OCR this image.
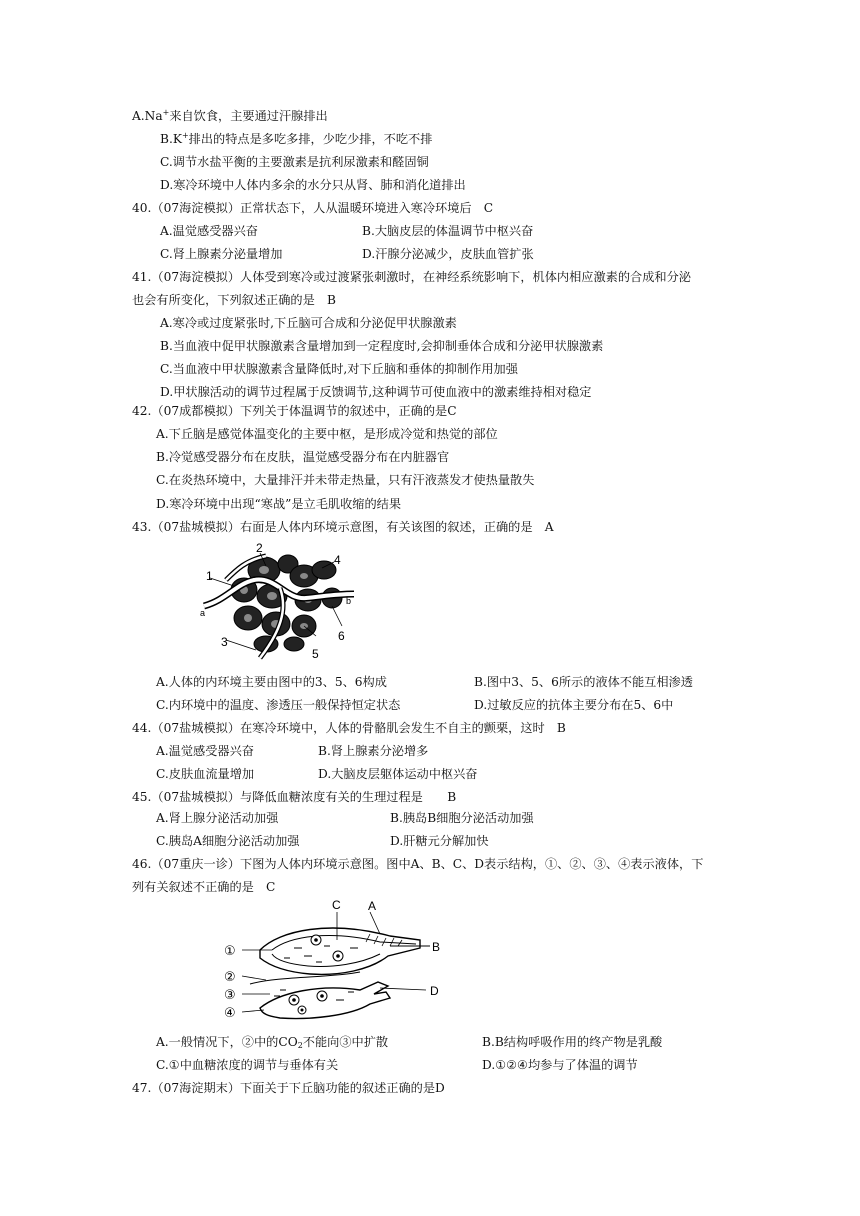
A.Na+来自饮食，主要通过汗腺排出
B.K+排出的特点是多吃多排，少吃少排，不吃不排
C.调节水盐平衡的主要激素是抗利尿激素和醛固铜
D.寒冷环境中人体内多余的水分只从肾、肺和消化道排出
40.（07海淀模拟）正常状态下，人从温暖环境进入寒冷环境后　C
A.温觉感受器兴奋	B.大脑皮层的体温调节中枢兴奋
C.肾上腺素分泌量增加	D.汗腺分泌减少，皮肤血管扩张
41.（07海淀模拟）人体受到寒冷或过渡紧张刺激时，在神经系统影响下，机体内相应激素的合成和分泌
也会有所变化，下列叙述正确的是　B
A.寒冷或过度紧张时,下丘脑可合成和分泌促甲状腺激素
B.当血液中促甲状腺激素含量增加到一定程度时,会抑制垂体合成和分泌甲状腺激素
C.当血液中甲状腺激素含量降低时,对下丘脑和垂体的抑制作用加强
D.甲状腺活动的调节过程属于反馈调节,这种调节可使血液中的激素维持相对稳定
42.（07成都模拟）下列关于体温调节的叙述中，正确的是C
A.下丘脑是感觉体温变化的主要中枢，是形成冷觉和热觉的部位
B.冷觉感受器分布在皮肤，温觉感受器分布在内脏器官
C.在炎热环境中，大量排汗并未带走热量，只有汗液蒸发才使热量散失
D.寒冷环境中出现“寒战”是立毛肌收缩的结果
43.（07盐城模拟）右面是人体内环境示意图，有关该图的叙述，正确的是　A
1
2
3
4
5
6
a
b
A.人体的内环境主要由图中的3、5、6构成	B.图中3、5、6所示的液体不能互相渗透
C.内环境中的温度、渗透压一般保持恒定状态	D.过敏反应的抗体主要分布在5、6中
44.（07盐城模拟）在寒冷环境中，人体的骨骼肌会发生不自主的颤栗，这时　B
A.温觉感受器兴奋	B.肾上腺素分泌增多
C.皮肤血流量增加	D.大脑皮层躯体运动中枢兴奋
45.（07盐城模拟）与降低血糖浓度有关的生理过程是　　B
A.肾上腺分泌活动加强	B.胰岛B细胞分泌活动加强
C.胰岛A细胞分泌活动加强	D.肝糖元分解加快
46.（07重庆一诊）下图为人体内环境示意图。图中A、B、C、D表示结构，①、②、③、④表示液体，下
列有关叙述不正确的是　C
C A
B
D
①
②
③
④
A.一般情况下，②中的$CO_2$不能向③中扩散	B.B结构呼吸作用的终产物是乳酸
C.①中血糖浓度的调节与垂体有关	D.①②④均参与了体温的调节
47.（07海淀期末）下面关于下丘脑功能的叙述正确的是D
